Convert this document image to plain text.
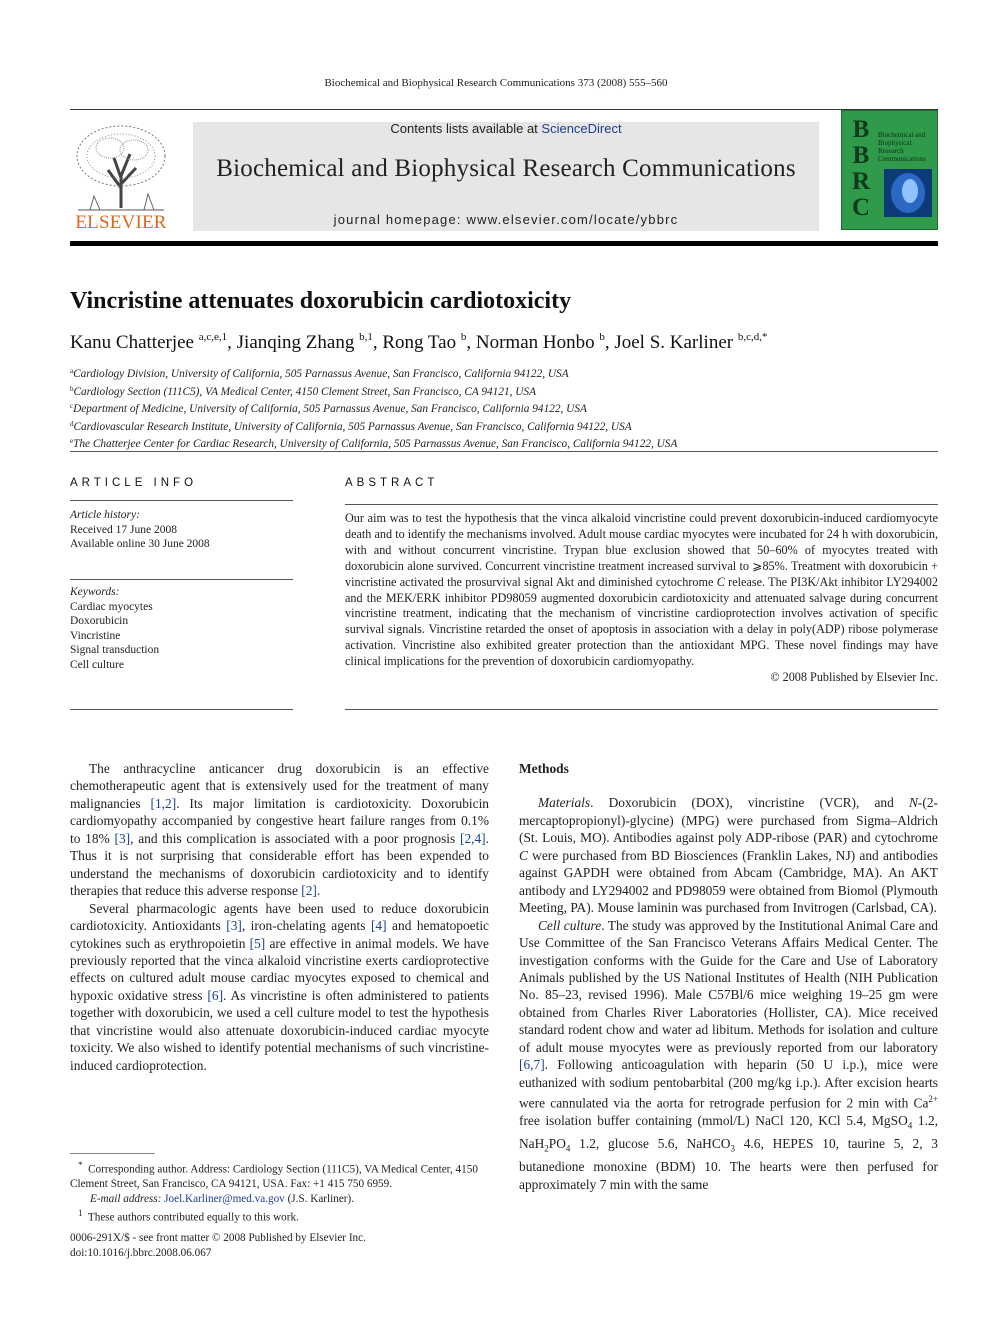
Biochemical and Biophysical Research Communications 373 (2008) 555–560
ELSEVIER
Contents lists available at ScienceDirect
Biochemical and Biophysical Research Communications
journal homepage: www.elsevier.com/locate/ybbrc
B
B
R
C
Biochemical and Biophysical Research Communications
Vincristine attenuates doxorubicin cardiotoxicity
Kanu Chatterjee $^{a,c,e,1}$, Jianqing Zhang $^{b,1}$, Rong Tao $^b$, Norman Honbo $^b$, Joel S. Karliner $^{b,c,d,*}$
$^a$Cardiology Division, University of California, 505 Parnassus Avenue, San Francisco, California 94122, USA
$^b$Cardiology Section (111C5), VA Medical Center, 4150 Clement Street, San Francisco, CA 94121, USA
$^c$Department of Medicine, University of California, 505 Parnassus Avenue, San Francisco, California 94122, USA
$^d$Cardiovascular Research Institute, University of California, 505 Parnassus Avenue, San Francisco, California 94122, USA
$^e$The Chatterjee Center for Cardiac Research, University of California, 505 Parnassus Avenue, San Francisco, California 94122, USA
ARTICLE INFO
Article history:
Received 17 June 2008
Available online 30 June 2008
Keywords:
Cardiac myocytes
Doxorubicin
Vincristine
Signal transduction
Cell culture
ABSTRACT
Our aim was to test the hypothesis that the vinca alkaloid vincristine could prevent doxorubicin-induced cardiomyocyte death and to identify the mechanisms involved. Adult mouse cardiac myocytes were incubated for 24 h with doxorubicin, with and without concurrent vincristine. Trypan blue exclusion showed that 50–60% of myocytes treated with doxorubicin alone survived. Concurrent vincristine treatment increased survival to ⩾85%. Treatment with doxorubicin + vincristine activated the prosurvival signal Akt and diminished cytochrome C release. The PI3K/Akt inhibitor LY294002 and the MEK/ERK inhibitor PD98059 augmented doxorubicin cardiotoxicity and attenuated salvage during concurrent vincristine treatment, indicating that the mechanism of vincristine cardioprotection involves activation of specific survival signals. Vincristine retarded the onset of apoptosis in association with a delay in poly(ADP) ribose polymerase activation. Vincristine also exhibited greater protection than the antioxidant MPG. These novel findings may have clinical implications for the prevention of doxorubicin cardiomyopathy.
© 2008 Published by Elsevier Inc.

The anthracycline anticancer drug doxorubicin is an effective chemotherapeutic agent that is extensively used for the treatment of many malignancies [1,2]. Its major limitation is cardiotoxicity. Doxorubicin cardiomyopathy accompanied by congestive heart failure ranges from 0.1% to 18% [3], and this complication is associated with a poor prognosis [2,4]. Thus it is not surprising that considerable effort has been expended to understand the mechanisms of doxorubicin cardiotoxicity and to identify therapies that reduce this adverse response [2].

Several pharmacologic agents have been used to reduce doxorubicin cardiotoxicity. Antioxidants [3], iron-chelating agents [4] and hematopoetic cytokines such as erythropoietin [5] are effective in animal models. We have previously reported that the vinca alkaloid vincristine exerts cardioprotective effects on cultured adult mouse cardiac myocytes exposed to chemical and hypoxic oxidative stress [6]. As vincristine is often administered to patients together with doxorubicin, we used a cell culture model to test the hypothesis that vincristine would also attenuate doxorubicin-induced cardiac myocyte toxicity. We also wished to identify potential mechanisms of such vincristine-induced cardioprotection.

* Corresponding author. Address: Cardiology Section (111C5), VA Medical Center, 4150 Clement Street, San Francisco, CA 94121, USA. Fax: +1 415 750 6959.

E-mail address: Joel.Karliner@med.va.gov (J.S. Karliner).

$^1$ These authors contributed equally to this work.

0006-291X/$ - see front matter © 2008 Published by Elsevier Inc.
doi:10.1016/j.bbrc.2008.06.067

Methods

Materials. Doxorubicin (DOX), vincristine (VCR), and N-(2-mercaptopropionyl)-glycine) (MPG) were purchased from Sigma–Aldrich (St. Louis, MO). Antibodies against poly ADP-ribose (PAR) and cytochrome C were purchased from BD Biosciences (Franklin Lakes, NJ) and antibodies against GAPDH were obtained from Abcam (Cambridge, MA). An AKT antibody and LY294002 and PD98059 were obtained from Biomol (Plymouth Meeting, PA). Mouse laminin was purchased from Invitrogen (Carlsbad, CA).

Cell culture. The study was approved by the Institutional Animal Care and Use Committee of the San Francisco Veterans Affairs Medical Center. The investigation conforms with the Guide for the Care and Use of Laboratory Animals published by the US National Institutes of Health (NIH Publication No. 85–23, revised 1996). Male C57Bl/6 mice weighing 19–25 gm were obtained from Charles River Laboratories (Hollister, CA). Mice received standard rodent chow and water ad libitum. Methods for isolation and culture of adult mouse myocytes were as previously reported from our laboratory [6,7]. Following anticoagulation with heparin (50 U i.p.), mice were euthanized with sodium pentobarbital (200 mg/kg i.p.). After excision hearts were cannulated via the aorta for retrograde perfusion for 2 min with $Ca^{2+}$ free isolation buffer containing (mmol/L) NaCl 120, KCl 5.4, MgSO$_4$ 1.2, $NaH_2PO_4$ 1.2, glucose 5.6, NaHCO$_3$ 4.6, HEPES 10, taurine 5, 2, 3 butanedione monoxine (BDM) 10. The hearts were then perfused for approximately 7 min with the same
